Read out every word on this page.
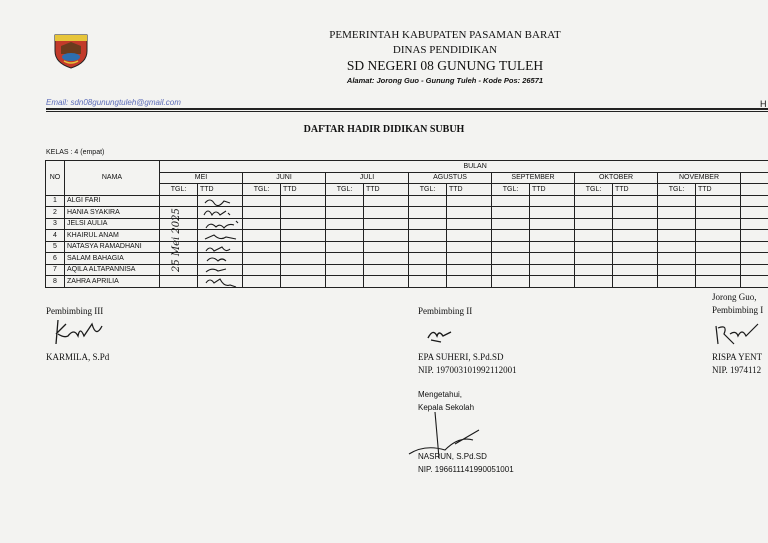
PEMERINTAH KABUPATEN PASAMAN BARAT
DINAS PENDIDIKAN
SD NEGERI 08 GUNUNG TULEH
Alamat: Jorong Guo - Gunung Tuleh - Kode Pos: 26571
Email: sdn08gunungtuleh@gmail.com	H
DAFTAR HADIR DIDIKAN SUBUH
KELAS : 4 (empat)
NO	NAMA	BULAN														
		MEI		JUNI		JULI		AGUSTUS		SEPTEMBER		OKTOBER		NOVEMBER		
		TGL:	TTD	TGL:	TTD	TGL:	TTD	TGL:	TTD	TGL:	TTD	TGL:	TTD	TGL:	TTD	
1	ALGI FARI															
2	HANIA SYAKIRA															
3	JELSI AULIA															
4	KHAIRUL ANAM															
5	NATASYA RAMADHANI															
6	SALAM BAHAGIA															
7	AQILA ALTAPANNISA															
8	ZAHRA APRILIA															
25 Mei 2025
Pembimbing III
KARMILA, S.Pd
Pembimbing II
EPA SUHERI, S.Pd.SD
NIP. 197003101992112001
Jorong Guo,
Pembimbing I
RISPA YENT
NIP. 1974112
Mengetahui,
Kepala Sekolah
NASRUN, S.Pd.SD
NIP. 196611141990051001
